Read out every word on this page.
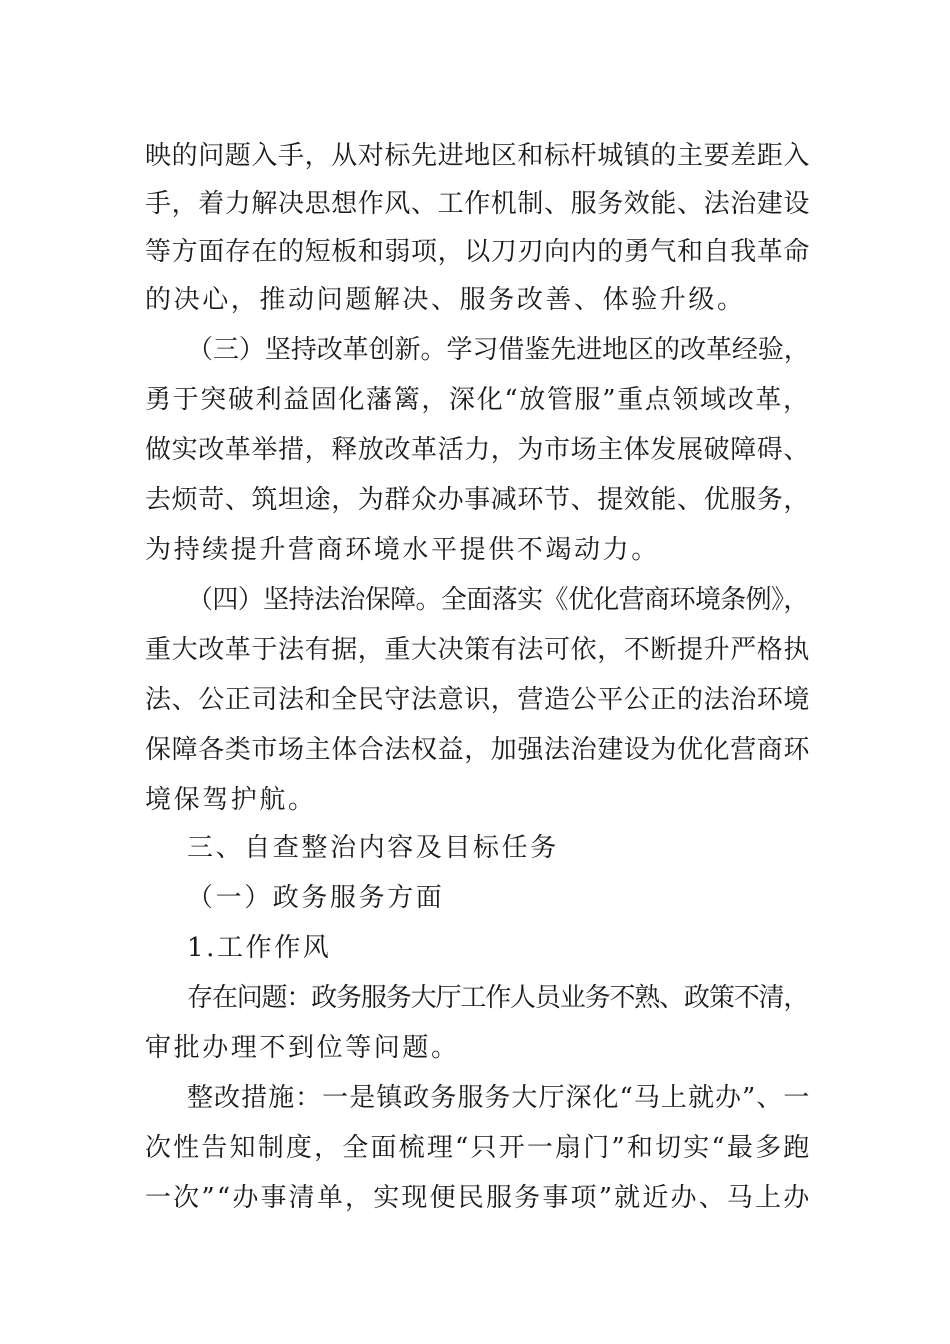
映的问题入手，从对标先进地区和标杆城镇的主要差距入
手，着力解决思想作风、工作机制、服务效能、法治建设
等方面存在的短板和弱项，以刀刃向内的勇气和自我革命
的决心，推动问题解决、服务改善、体验升级。
（三）坚持改革创新。学习借鉴先进地区的改革经验，
勇于突破利益固化藩篱，深化“放管服”重点领域改革，
做实改革举措，释放改革活力，为市场主体发展破障碍、
去烦苛、筑坦途，为群众办事减环节、提效能、优服务，
为持续提升营商环境水平提供不竭动力。
（四）坚持法治保障。全面落实《优化营商环境条例》，
重大改革于法有据，重大决策有法可依，不断提升严格执
法、公正司法和全民守法意识，营造公平公正的法治环境
保障各类市场主体合法权益，加强法治建设为优化营商环
境保驾护航。
三、自查整治内容及目标任务
（一）政务服务方面
1.工作作风
存在问题：政务服务大厅工作人员业务不熟、政策不清，
审批办理不到位等问题。
整改措施：一是镇政务服务大厅深化“马上就办”、一
次性告知制度，全面梳理“只开一扇门”和切实“最多跑
一次”“办事清单，实现便民服务事项”就近办、马上办
